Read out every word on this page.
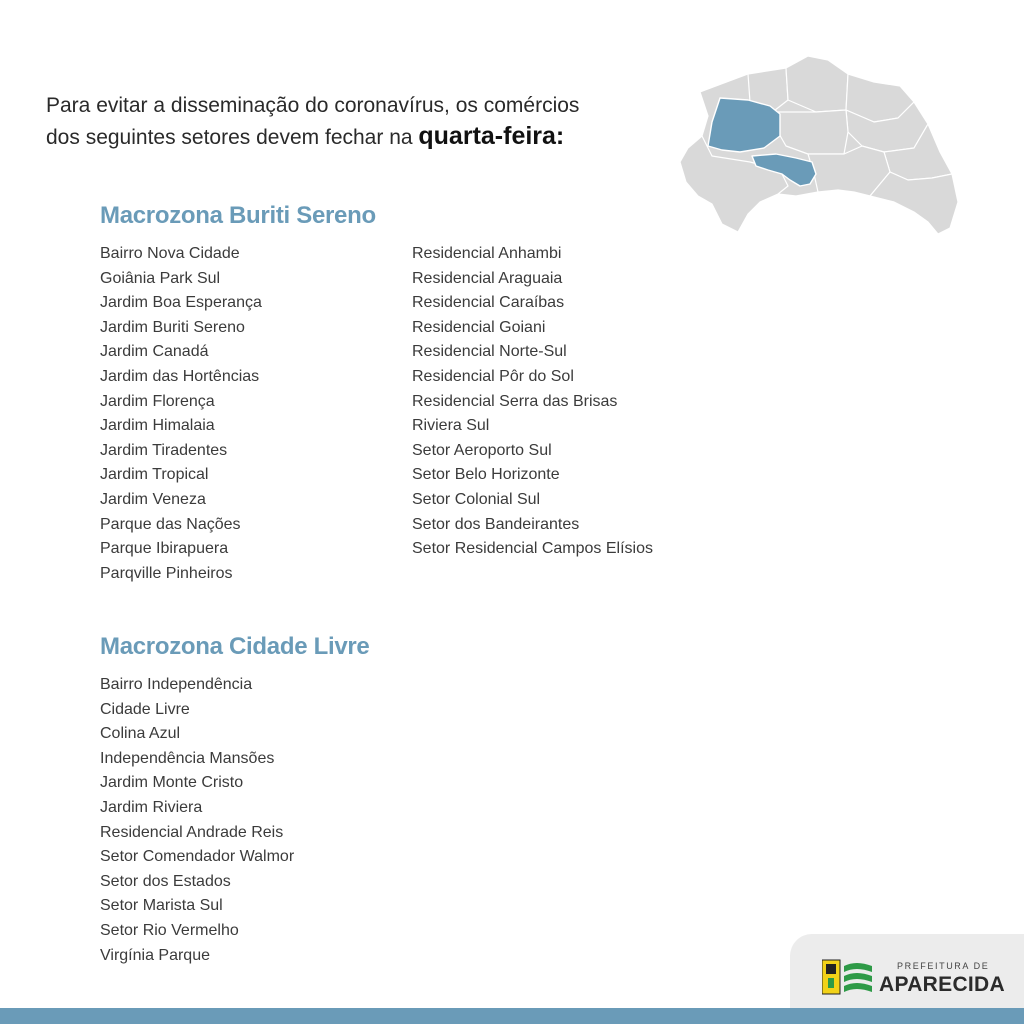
Para evitar a disseminação do coronavírus, os comércios
dos seguintes setores devem fechar na quarta-feira:
Macrozona Buriti Sereno
Bairro Nova Cidade
Goiânia Park Sul
Jardim Boa Esperança
Jardim Buriti Sereno
Jardim Canadá
Jardim das Hortências
Jardim Florença
Jardim Himalaia
Jardim Tiradentes
Jardim Tropical
Jardim Veneza
Parque das Nações
Parque Ibirapuera
Parqville Pinheiros
Residencial Anhambi
Residencial Araguaia
Residencial Caraíbas
Residencial Goiani
Residencial Norte-Sul
Residencial Pôr do Sol
Residencial Serra das Brisas
Riviera Sul
Setor Aeroporto Sul
Setor Belo Horizonte
Setor Colonial Sul
Setor dos Bandeirantes
Setor Residencial Campos Elísios
Macrozona Cidade Livre
Bairro Independência
Cidade Livre
Colina Azul
Independência Mansões
Jardim Monte Cristo
Jardim Riviera
Residencial Andrade Reis
Setor Comendador Walmor
Setor dos Estados
Setor Marista Sul
Setor Rio Vermelho
Virgínia Parque
PREFEITURA DE
APARECIDA
